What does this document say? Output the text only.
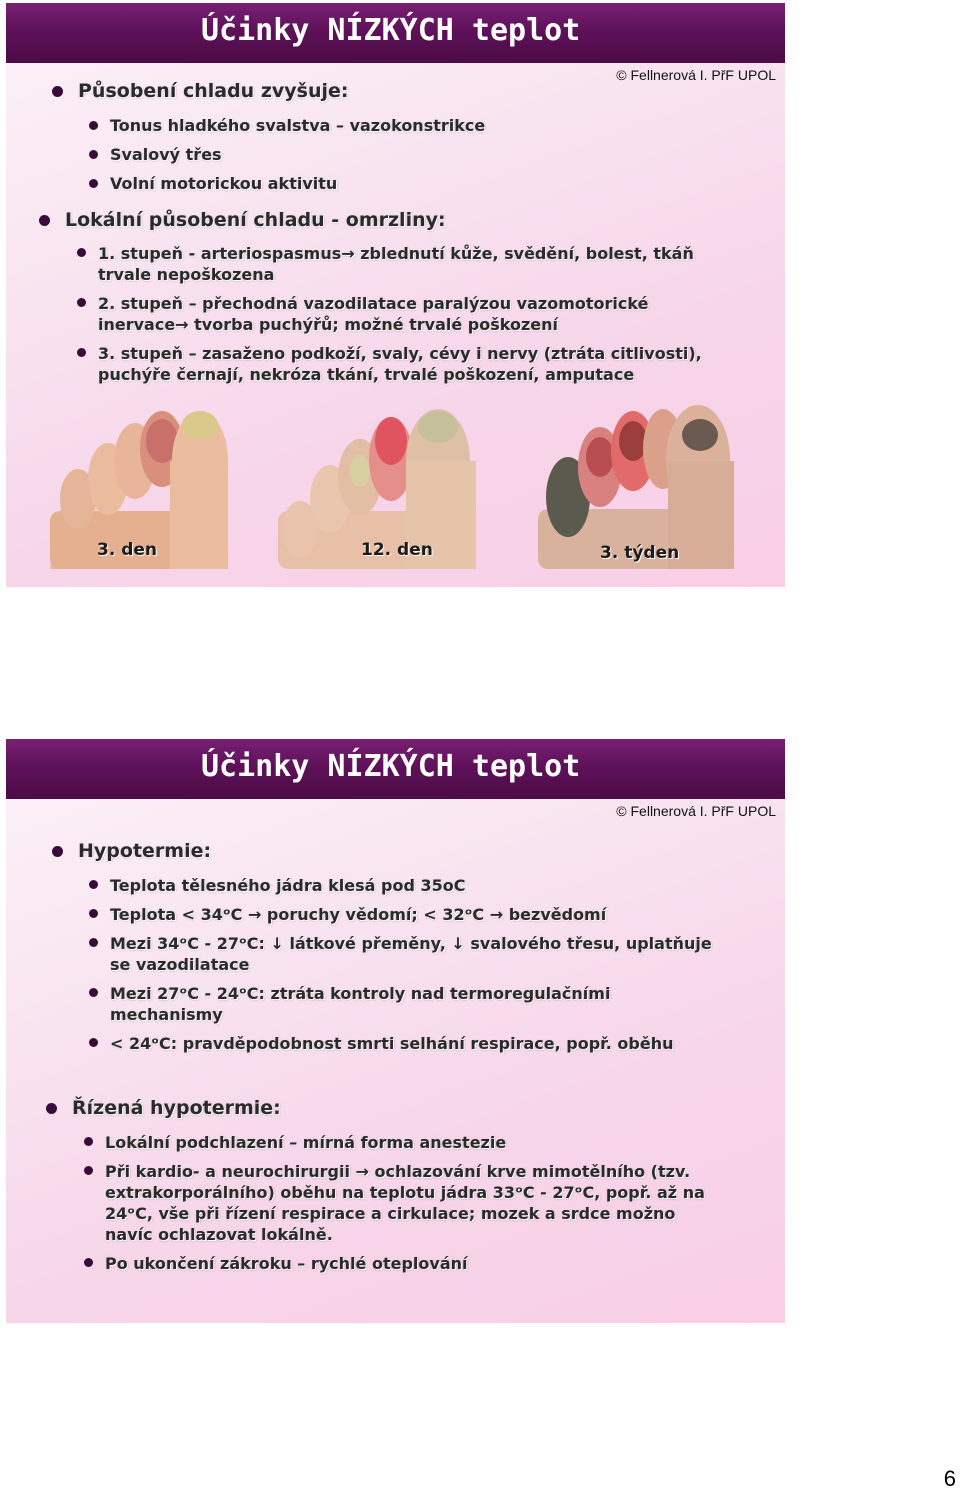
Účinky NÍZKÝCH teplot
© Fellnerová I. PřF UPOL
Působení chladu zvyšuje:
Tonus hladkého svalstva – vazokonstrikce
Svalový třes
Volní motorickou aktivitu
Lokální působení chladu - omrzliny:
1. stupeň - arteriospasmus→ zblednutí kůže, svědění, bolest, tkáň
trvale nepoškozena
2. stupeň – přechodná vazodilatace paralýzou vazomotorické
inervace→ tvorba puchýřů; možné trvalé poškození
3. stupeň – zasaženo podkoží, svaly, cévy i nervy (ztráta citlivosti),
puchýře černají, nekróza tkání, trvalé poškození, amputace
3. den	12. den	3. týden
Účinky NÍZKÝCH teplot
© Fellnerová I. PřF UPOL
Hypotermie:
Teplota tělesného jádra klesá pod 35oC
Teplota < 34ᵒC → poruchy vědomí; < 32ᵒC → bezvědomí
Mezi 34ᵒC - 27ᵒC: ↓ látkové přeměny, ↓ svalového třesu, uplatňuje
se vazodilatace
Mezi 27ᵒC - 24ᵒC: ztráta kontroly nad termoregulačními
mechanismy
< 24ᵒC: pravděpodobnost smrti selhání respirace, popř. oběhu
Řízená hypotermie:
Lokální podchlazení – mírná forma anestezie
Při kardio- a neurochirurgii → ochlazování krve mimotělního (tzv.
extrakorporálního) oběhu na teplotu jádra 33ᵒC - 27ᵒC, popř. až na
24ᵒC, vše při řízení respirace a cirkulace; mozek a srdce možno
navíc ochlazovat lokálně.
Po ukončení zákroku – rychlé oteplování
6
